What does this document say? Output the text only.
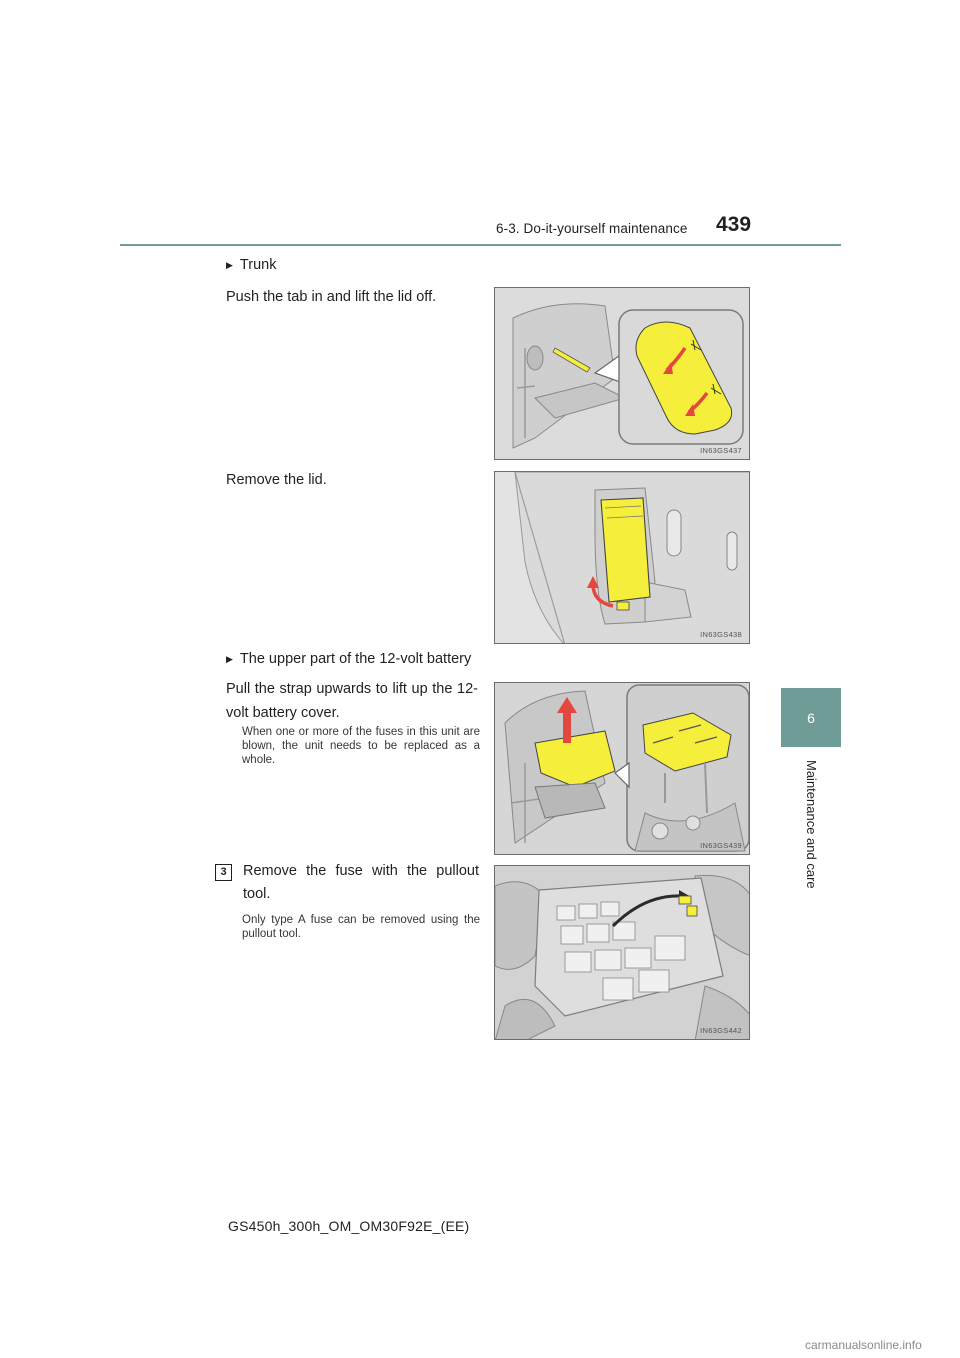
6-3. Do-it-yourself maintenance	439
6
Maintenance and care
▶ Trunk
Push the tab in and lift the lid off.
IN63GS437
Remove the lid.
IN63GS438
▶ The upper part of the 12-volt battery
Pull the strap upwards to lift up the 12-volt battery cover.
When one or more of the fuses in this unit are blown, the unit needs to be replaced as a whole.
IN63GS439
3	Remove the fuse with the pullout tool.
Only type A fuse can be removed using the pullout tool.
IN63GS442
GS450h_300h_OM_OM30F92E_(EE)
carmanualsonline.info
